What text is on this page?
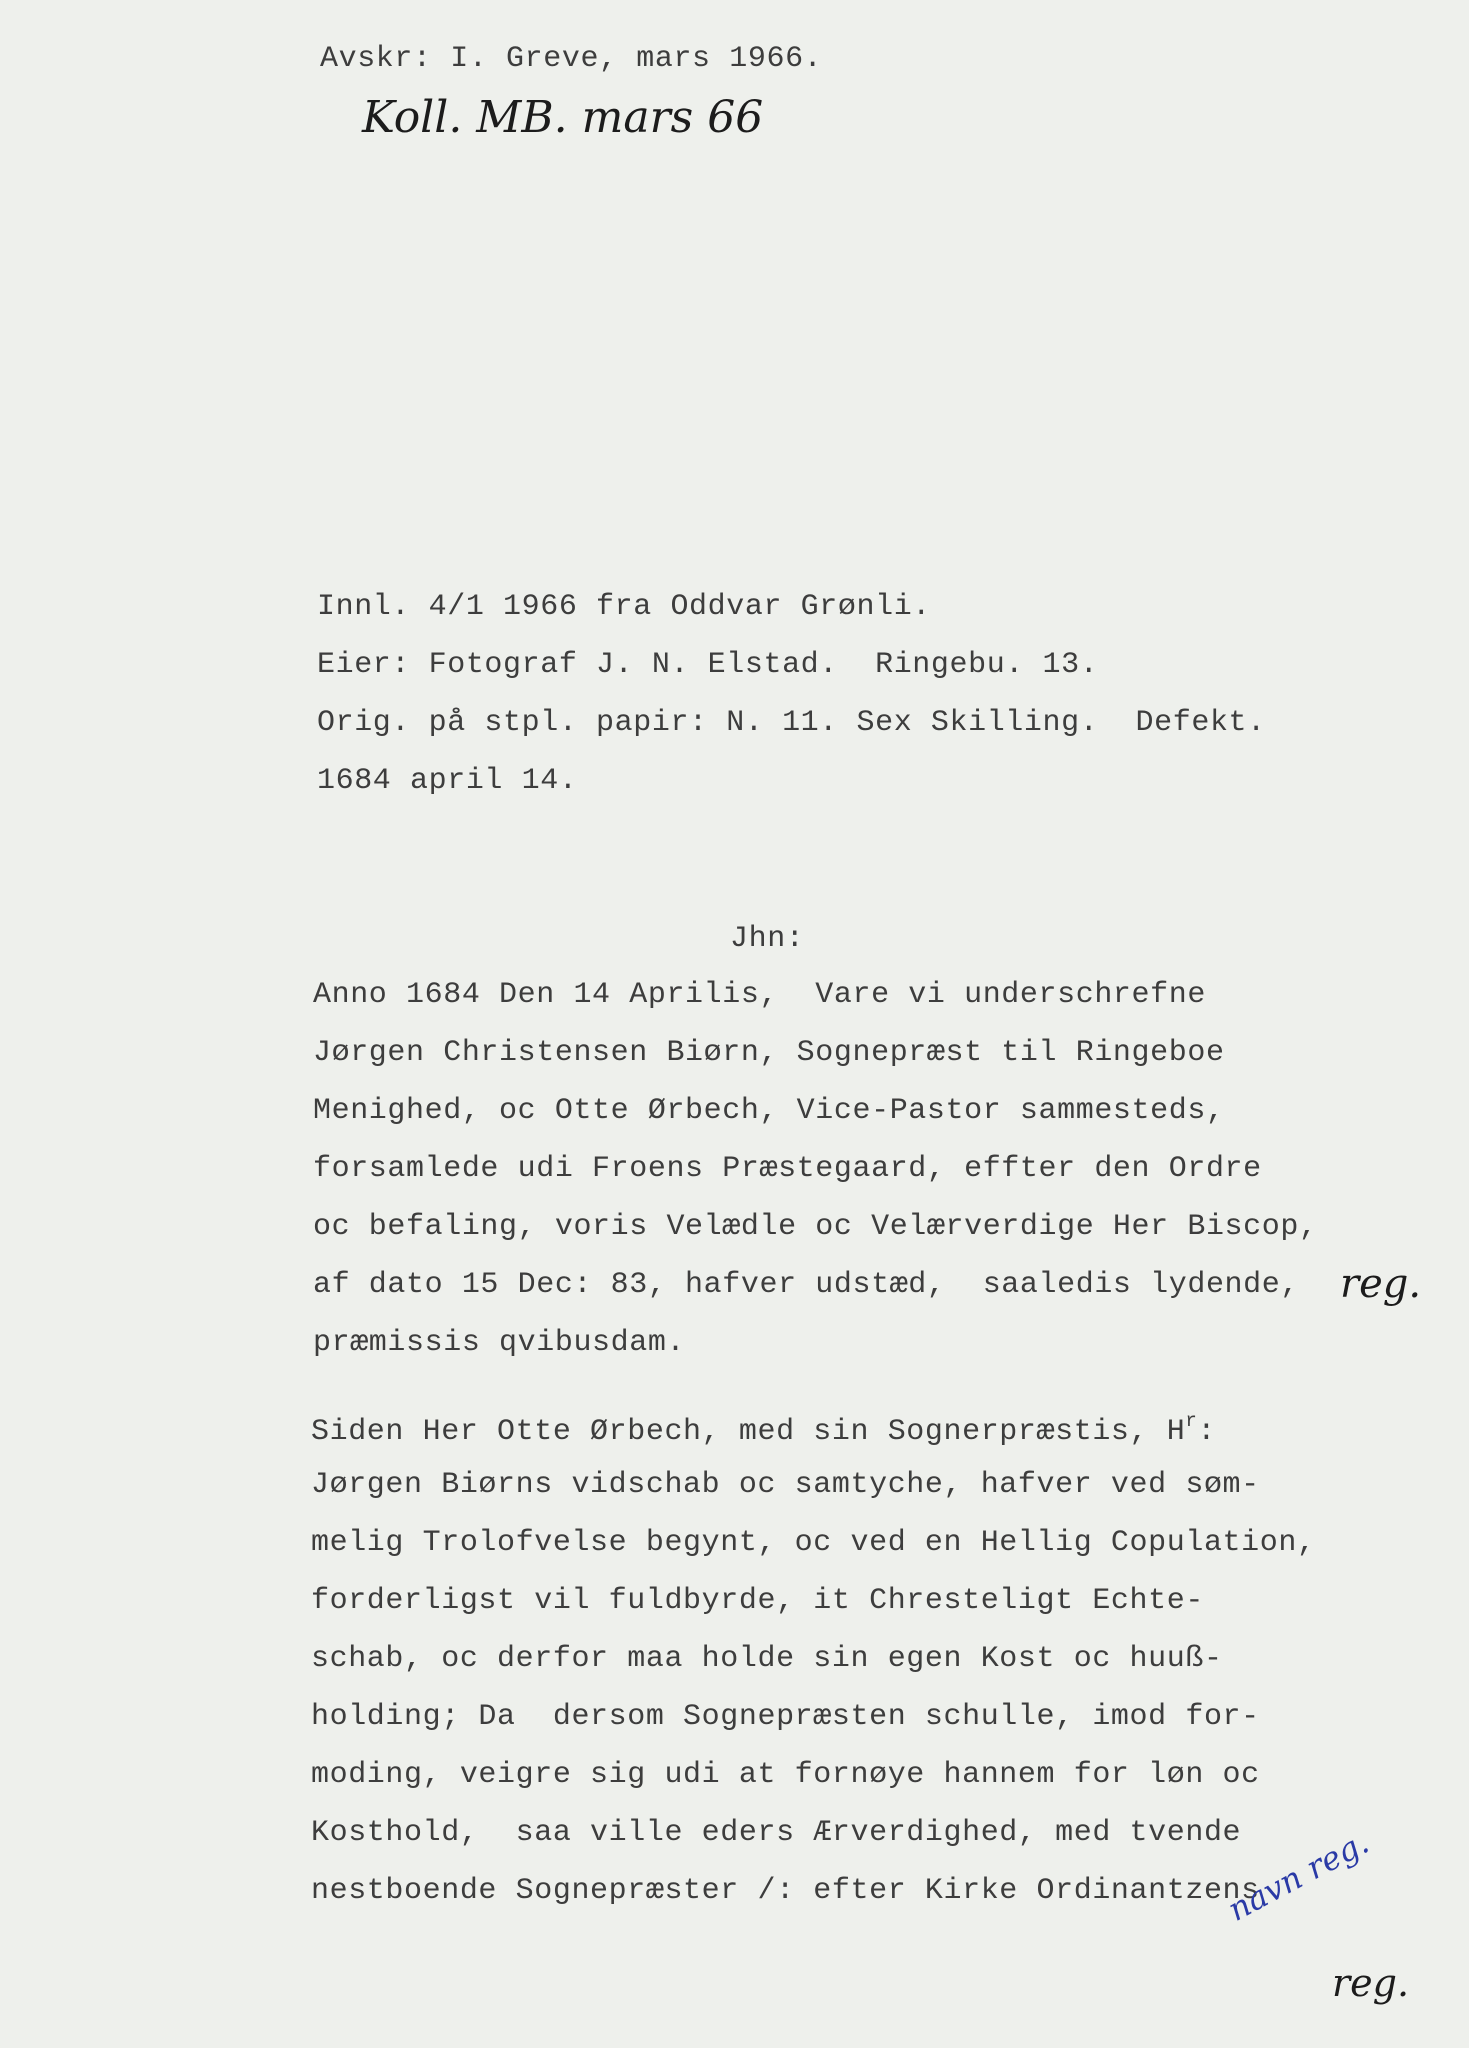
Avskr: I. Greve, mars 1966.
Koll. MB. mars 66
Innl. 4/1 1966 fra Oddvar Grønli.
Eier: Fotograf J. N. Elstad.  Ringebu. 13.
Orig. på stpl. papir: N. 11. Sex Skilling.  Defekt.
1684 april 14.
Jhn:
Anno 1684 Den 14 Aprilis,  Vare vi underschrefne
Jørgen Christensen Biørn, Sognepræst til Ringeboe
Menighed, oc Otte Ørbech, Vice-Pastor sammesteds,
forsamlede udi Froens Præstegaard, effter den Ordre
oc befaling, voris Velædle oc Velærverdige Her Biscop,
af dato 15 Dec: 83, hafver udstæd,  saaledis lydende,
præmissis qvibusdam.
Siden Her Otte Ørbech, med sin Sognerpræstis, $H^r$:
Jørgen Biørns vidschab oc samtyche, hafver ved søm-
melig Trolofvelse begynt, oc ved en Hellig Copulation,
forderligst vil fuldbyrde, it Chresteligt Echte-
schab, oc derfor maa holde sin egen Kost oc huuß-
holding; Da  dersom Sognepræsten schulle, imod for-
moding, veigre sig udi at fornøye hannem for løn oc
Kosthold,  saa ville eders Ærverdighed, med tvende
nestboende Sognepræster /: efter Kirke Ordinantzens
reg.
navn reg.
reg.
